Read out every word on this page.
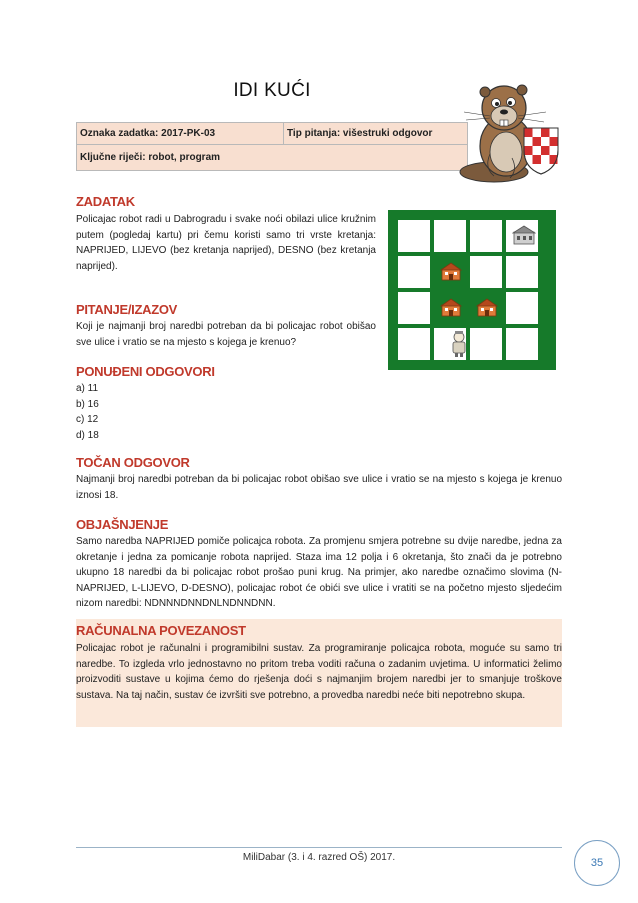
IDI KUĆI
Oznaka zadatka: 2017-PK-03	Tip pitanja: višestruki odgovor
Ključne riječi: robot, program
ZADATAK
Policajac robot radi u Dabrogradu i svake noći obilazi ulice kružnim putem (pogledaj kartu) pri čemu koristi samo tri vrste kretanja: NAPRIJED, LIJEVO (bez kretanja naprijed), DESNO (bez kretanja naprijed).
PITANJE/IZAZOV
Koji je najmanji broj naredbi potreban da bi policajac robot obišao sve ulice i vratio se na mjesto s kojega je krenuo?
PONUĐENI ODGOVORI
a) 11
b) 16
c) 12
d) 18
TOČAN ODGOVOR
Najmanji broj naredbi potreban da bi policajac robot obišao sve ulice i vratio se na mjesto s kojega je krenuo iznosi 18.
OBJAŠNJENJE
Samo naredba NAPRIJED pomiče policajca robota. Za promjenu smjera potrebne su dvije naredbe, jedna za okretanje i jedna za pomicanje robota naprijed. Staza ima 12 polja i 6 okretanja, što znači da je potrebno ukupno 18 naredbi da bi policajac robot prošao puni krug. Na primjer, ako naredbe označimo slovima (N-NAPRIJED, L-LIJEVO, D-DESNO), policajac robot će obići sve ulice i vratiti se na početno mjesto sljedećim nizom naredbi: NDNNNDNNDNLNDNNDNN.
RAČUNALNA POVEZANOST
Policajac robot je računalni i programibilni sustav. Za programiranje policajca robota, moguće su samo tri naredbe. To izgleda vrlo jednostavno no pritom treba voditi računa o zadanim uvjetima. U informatici želimo proizvoditi sustave u kojima ćemo do rješenja doći s najmanjim brojem naredbi jer to smanjuje troškove sustava. Na taj način, sustav će izvršiti sve potrebno, a provedba naredbi neće biti nepotrebno skupa.
MiliDabar (3. i 4. razred OŠ) 2017.	35
